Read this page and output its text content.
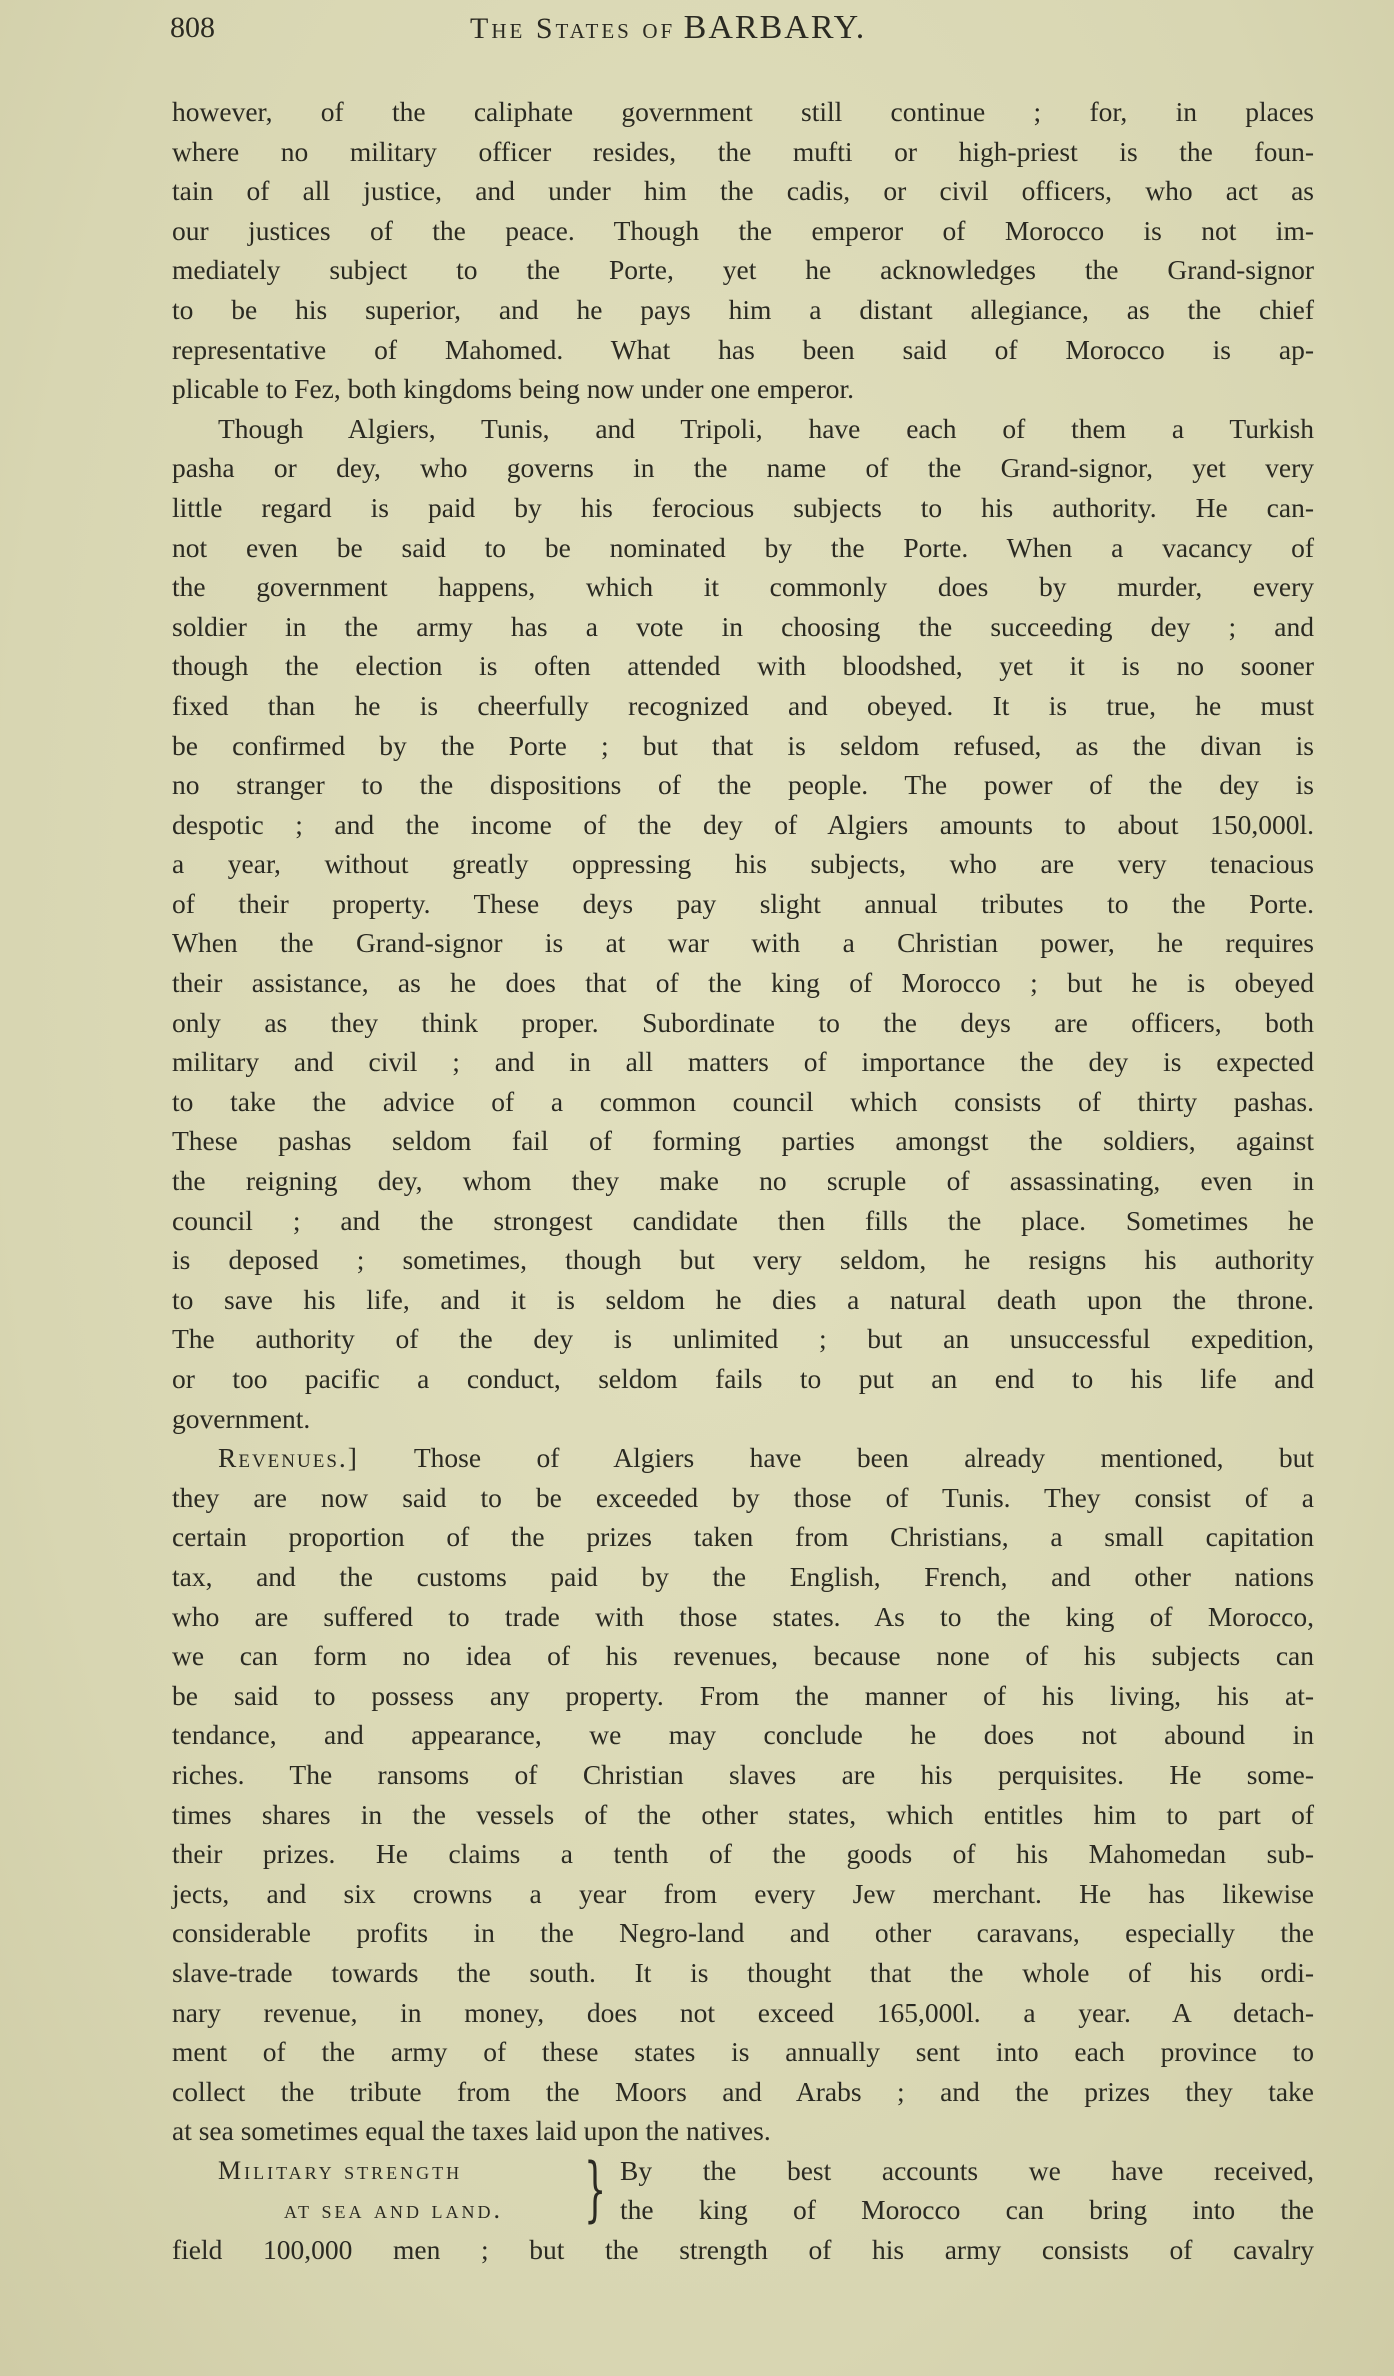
808	The States of BARBARY.
however, of the caliphate government still continue ; for, in places
where no military officer resides, the mufti or high-priest is the foun-
tain of all justice, and under him the cadis, or civil officers, who act as
our justices of the peace. Though the emperor of Morocco is not im-
mediately subject to the Porte, yet he acknowledges the Grand-signor
to be his superior, and he pays him a distant allegiance, as the chief
representative of Mahomed. What has been said of Morocco is ap-
plicable to Fez, both kingdoms being now under one emperor.
Though Algiers, Tunis, and Tripoli, have each of them a Turkish
pasha or dey, who governs in the name of the Grand-signor, yet very
little regard is paid by his ferocious subjects to his authority. He can-
not even be said to be nominated by the Porte. When a vacancy of
the government happens, which it commonly does by murder, every
soldier in the army has a vote in choosing the succeeding dey ; and
though the election is often attended with bloodshed, yet it is no sooner
fixed than he is cheerfully recognized and obeyed. It is true, he must
be confirmed by the Porte ; but that is seldom refused, as the divan is
no stranger to the dispositions of the people. The power of the dey is
despotic ; and the income of the dey of Algiers amounts to about 150,000l.
a year, without greatly oppressing his subjects, who are very tenacious
of their property. These deys pay slight annual tributes to the Porte.
When the Grand-signor is at war with a Christian power, he requires
their assistance, as he does that of the king of Morocco ; but he is obeyed
only as they think proper. Subordinate to the deys are officers, both
military and civil ; and in all matters of importance the dey is expected
to take the advice of a common council which consists of thirty pashas.
These pashas seldom fail of forming parties amongst the soldiers, against
the reigning dey, whom they make no scruple of assassinating, even in
council ; and the strongest candidate then fills the place. Sometimes he
is deposed ; sometimes, though but very seldom, he resigns his authority
to save his life, and it is seldom he dies a natural death upon the throne.
The authority of the dey is unlimited ; but an unsuccessful expedition,
or too pacific a conduct, seldom fails to put an end to his life and
government.
Revenues.] Those of Algiers have been already mentioned, but
they are now said to be exceeded by those of Tunis. They consist of a
certain proportion of the prizes taken from Christians, a small capitation
tax, and the customs paid by the English, French, and other nations
who are suffered to trade with those states. As to the king of Morocco,
we can form no idea of his revenues, because none of his subjects can
be said to possess any property. From the manner of his living, his at-
tendance, and appearance, we may conclude he does not abound in
riches. The ransoms of Christian slaves are his perquisites. He some-
times shares in the vessels of the other states, which entitles him to part of
their prizes. He claims a tenth of the goods of his Mahomedan sub-
jects, and six crowns a year from every Jew merchant. He has likewise
considerable profits in the Negro-land and other caravans, especially the
slave-trade towards the south. It is thought that the whole of his ordi-
nary revenue, in money, does not exceed 165,000l. a year. A detach-
ment of the army of these states is annually sent into each province to
collect the tribute from the Moors and Arabs ; and the prizes they take
at sea sometimes equal the taxes laid upon the natives.
Military strength
at sea and land.	} By the best accounts we have received,
the king of Morocco can bring into the
field 100,000 men ; but the strength of his army consists of cavalry
